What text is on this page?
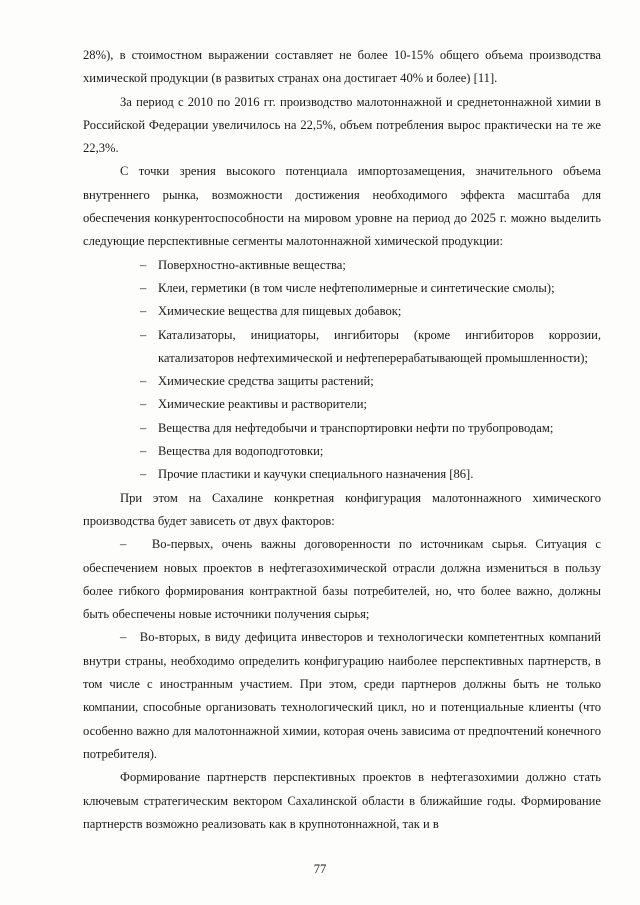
28%), в стоимостном выражении составляет не более 10-15% общего объема производства химической продукции (в развитых странах она достигает 40% и более) [11].

За период с 2010 по 2016 гг. производство малотоннажной и среднетоннажной химии в Российской Федерации увеличилось на 22,5%, объем потребления вырос практически на те же 22,3%.

С точки зрения высокого потенциала импортозамещения, значительного объема внутреннего рынка, возможности достижения необходимого эффекта масштаба для обеспечения конкурентоспособности на мировом уровне на период до 2025 г. можно выделить следующие перспективные сегменты малотоннажной химической продукции:

– Поверхностно-активные вещества;
– Клеи, герметики (в том числе нефтеполимерные и синтетические смолы);
– Химические вещества для пищевых добавок;
– Катализаторы, инициаторы, ингибиторы (кроме ингибиторов коррозии, катализаторов нефтехимической и нефтеперерабатывающей промышленности);
– Химические средства защиты растений;
– Химические реактивы и растворители;
– Вещества для нефтедобычи и транспортировки нефти по трубопроводам;
– Вещества для водоподготовки;
– Прочие пластики и каучуки специального назначения [86].

При этом на Сахалине конкретная конфигурация малотоннажного химического производства будет зависеть от двух факторов:

– Во-первых, очень важны договоренности по источникам сырья. Ситуация с обеспечением новых проектов в нефтегазохимической отрасли должна измениться в пользу более гибкого формирования контрактной базы потребителей, но, что более важно, должны быть обеспечены новые источники получения сырья;
– Во-вторых, в виду дефицита инвесторов и технологически компетентных компаний внутри страны, необходимо определить конфигурацию наиболее перспективных партнерств, в том числе с иностранным участием. При этом, среди партнеров должны быть не только компании, способные организовать технологический цикл, но и потенциальные клиенты (что особенно важно для малотоннажной химии, которая очень зависима от предпочтений конечного потребителя).

Формирование партнерств перспективных проектов в нефтегазохимии должно стать ключевым стратегическим вектором Сахалинской области в ближайшие годы. Формирование партнерств возможно реализовать как в крупнотоннажной, так и в

77
